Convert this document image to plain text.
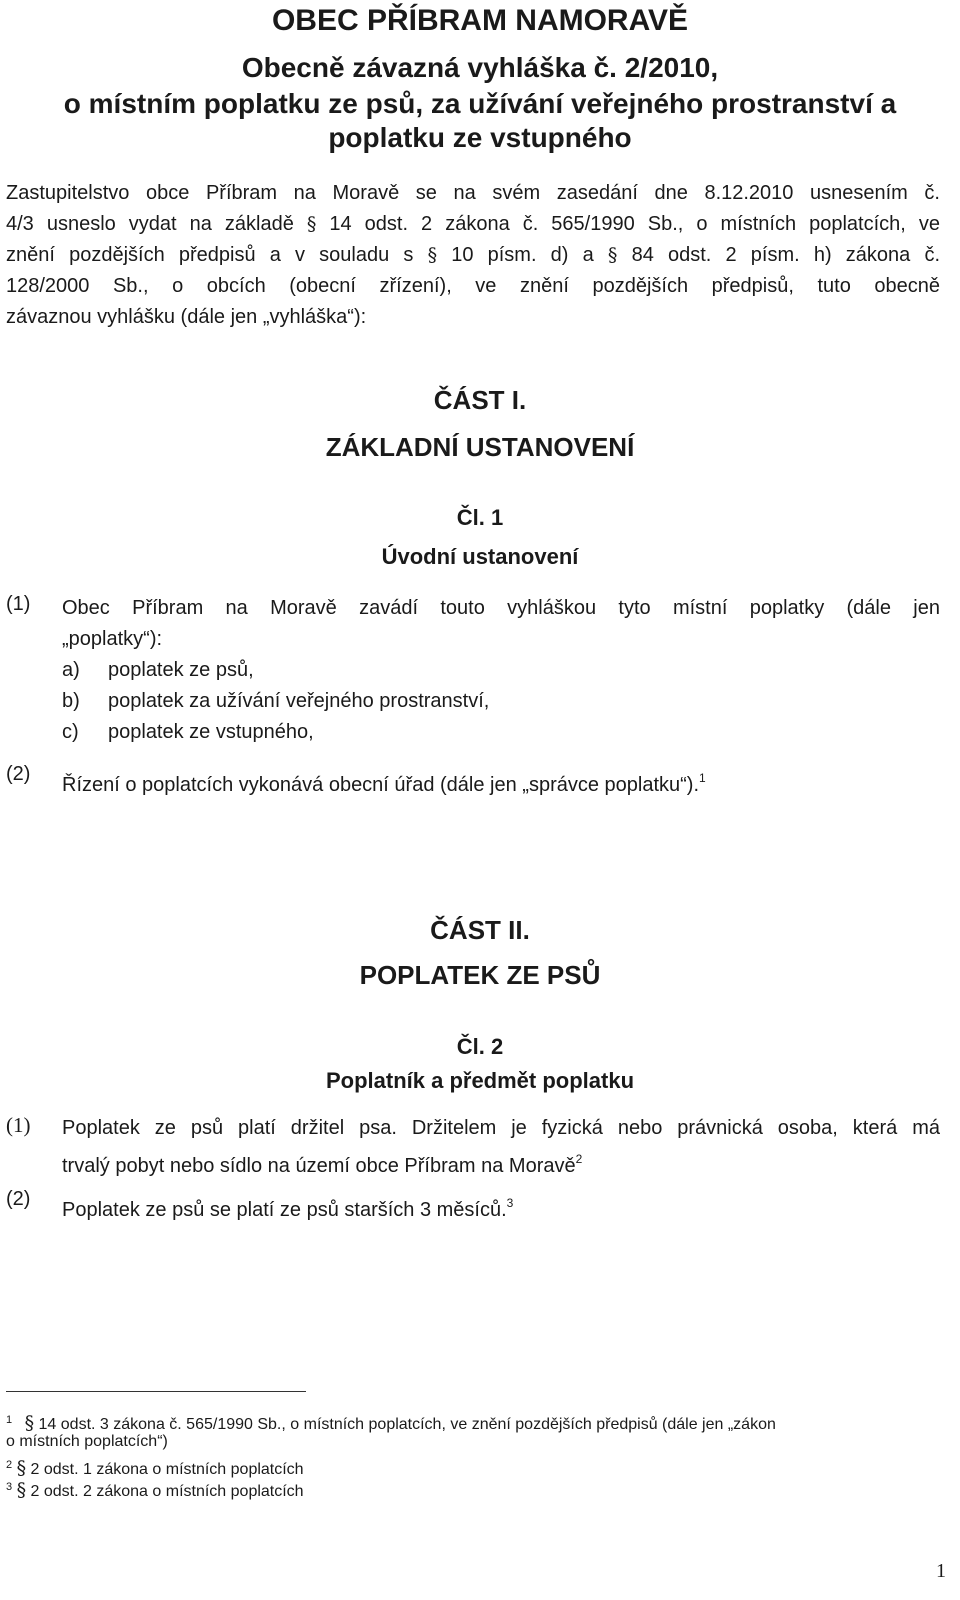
OBEC PŘÍBRAM NAMORAVĚ
Obecně závazná vyhláška č. 2/2010,
o místním poplatku ze psů, za užívání veřejného prostranství a
poplatku ze vstupného
Zastupitelstvo obce Příbram na Moravě se na svém zasedání dne 8.12.2010 usnesením č.
4/3 usneslo vydat na základě § 14 odst. 2 zákona č. 565/1990 Sb., o místních poplatcích, ve
znění pozdějších předpisů a v souladu s § 10 písm. d) a § 84 odst. 2 písm. h) zákona č.
128/2000 Sb., o obcích (obecní zřízení), ve znění pozdějších předpisů, tuto obecně
závaznou vyhlášku (dále jen „vyhláška“):
ČÁST I.
ZÁKLADNÍ USTANOVENÍ
Čl. 1
Úvodní ustanovení
(1) Obec Příbram na Moravě zavádí touto vyhláškou tyto místní poplatky (dále jen
„poplatky“):
a) poplatek ze psů,
b) poplatek za užívání veřejného prostranství,
c) poplatek ze vstupného,
(2) Řízení o poplatcích vykonává obecní úřad (dále jen „správce poplatku“).$^1$
ČÁST II.
POPLATEK ZE PSŮ
Čl. 2
Poplatník a předmět poplatku
(1) Poplatek ze psů platí držitel psa. Držitelem je fyzická nebo právnická osoba, která má
trvalý pobyt nebo sídlo na území obce Příbram na Moravě$^2$
(2) Poplatek ze psů se platí ze psů starších 3 měsíců.$^3$
$^1$ § 14 odst. 3 zákona č. 565/1990 Sb., o místních poplatcích, ve znění pozdějších předpisů (dále jen „zákon
o místních poplatcích“)
$^2$ § 2 odst. 1 zákona o místních poplatcích
$^3$ § 2 odst. 2 zákona o místních poplatcích
1
